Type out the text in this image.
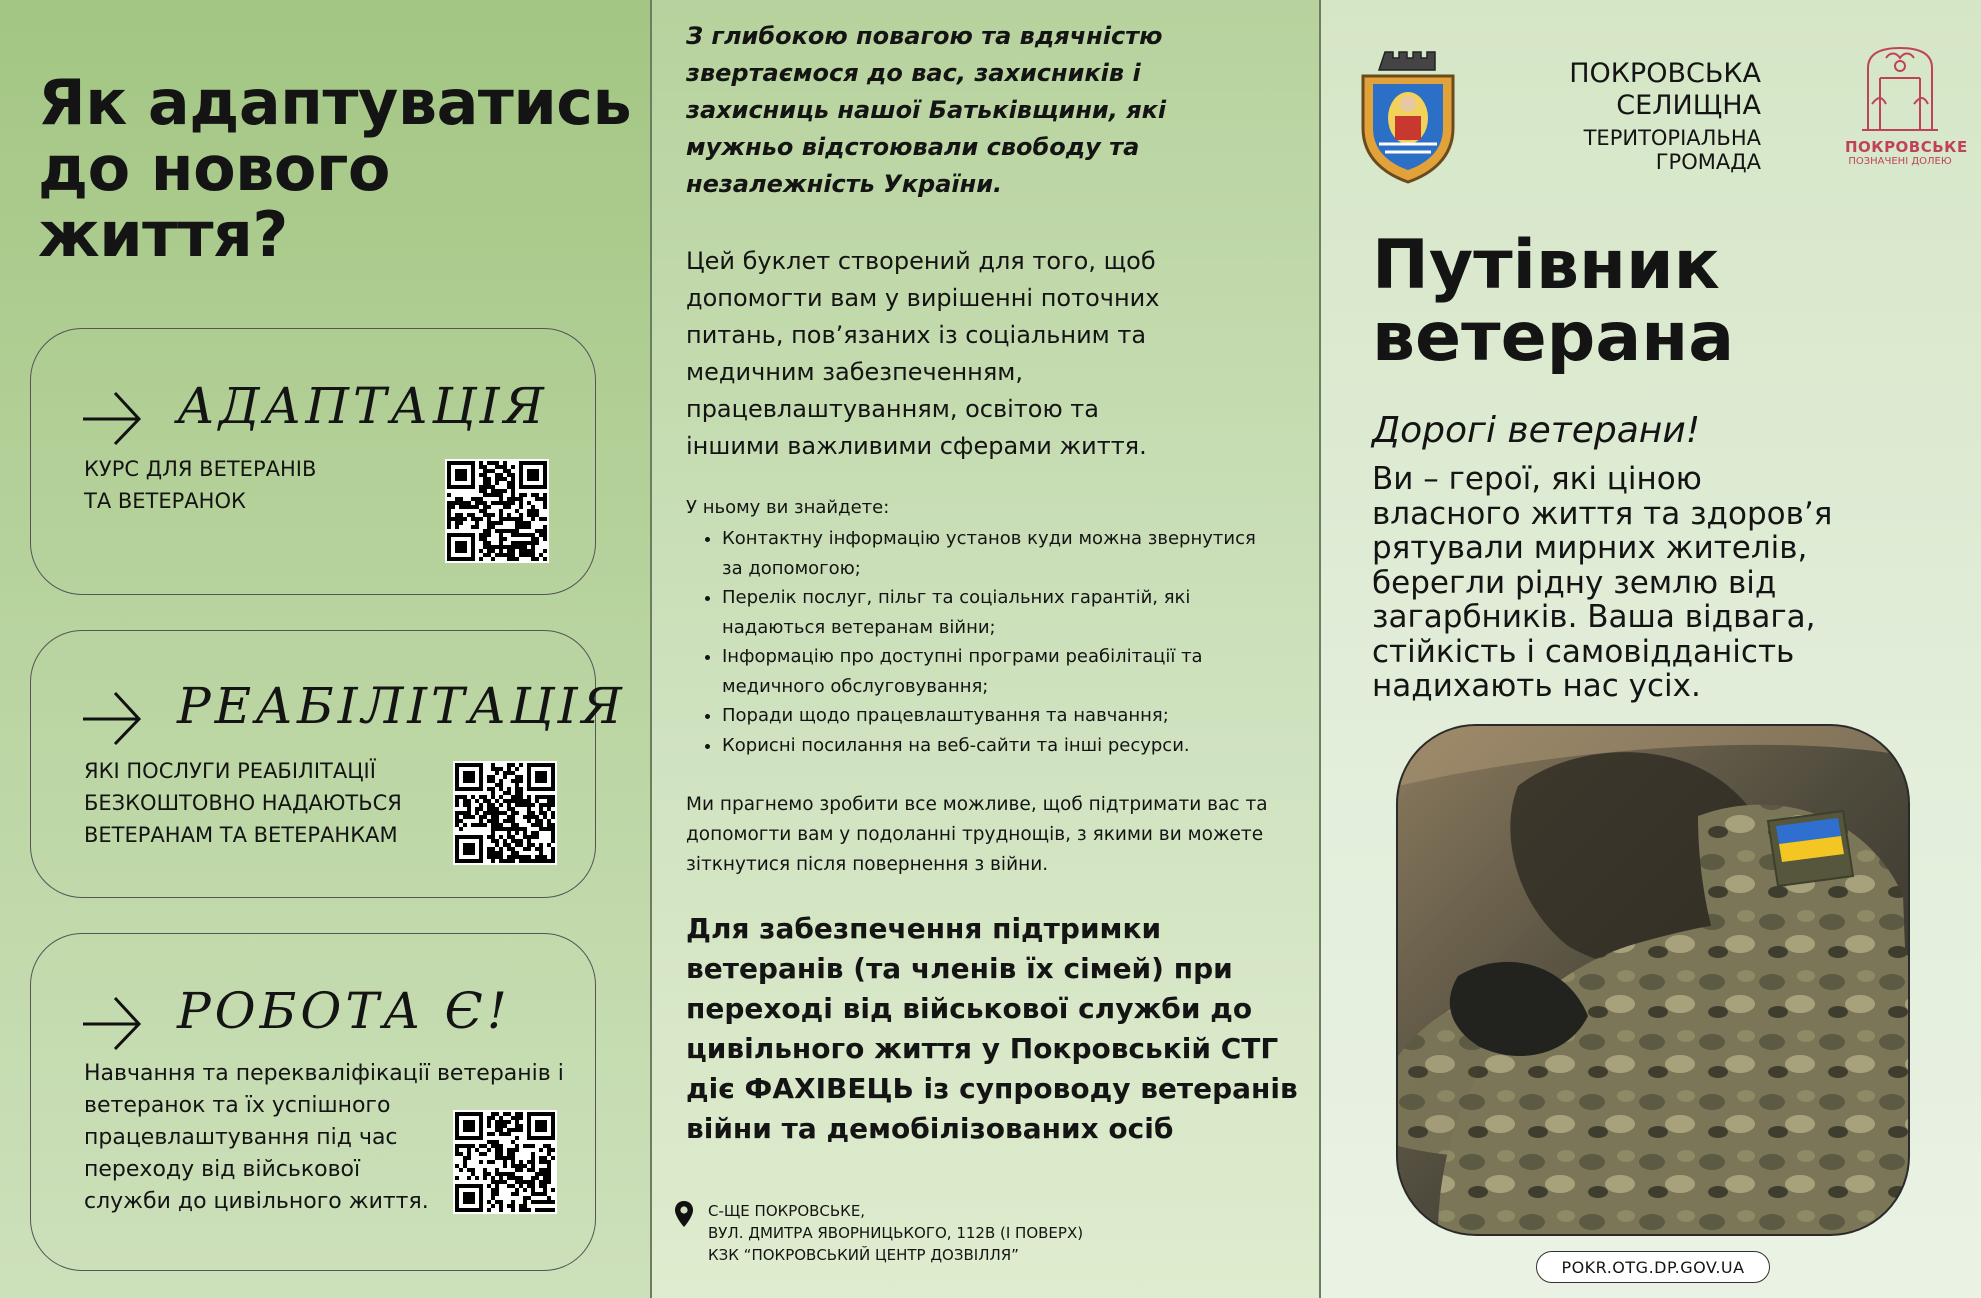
Як адаптуватись
до нового
життя?
АДАПТАЦІЯ
КУРС ДЛЯ ВЕТЕРАНІВ
ТА ВЕТЕРАНОК
РЕАБІЛІТАЦІЯ
ЯКІ ПОСЛУГИ РЕАБІЛІТАЦІЇ
БЕЗКОШТОВНО НАДАЮТЬСЯ
ВЕТЕРАНАМ ТА ВЕТЕРАНКАМ
РОБОТА Є!
Навчання та перекваліфікації ветеранів і
ветеранок та їх успішного
працевлаштування під час
переходу від військової
служби до цивільного життя.
З глибокою повагою та вдячністю
звертаємося до вас, захисників і
захисниць нашої Батьківщини, які
мужньо відстоювали свободу та
незалежність України.
Цей буклет створений для того, щоб
допомогти вам у вирішенні поточних
питань, пов’язаних із соціальним та
медичним забезпеченням,
працевлаштуванням, освітою та
іншими важливими сферами життя.
У ньому ви знайдете:
• Контактну інформацію установ куди можна звернутися
за допомогою;
• Перелік послуг, пільг та соціальних гарантій, які
надаються ветеранам війни;
• Інформацію про доступні програми реабілітації та
медичного обслуговування;
• Поради щодо працевлаштування та навчання;
• Корисні посилання на веб-сайти та інші ресурси.
Ми прагнемо зробити все можливе, щоб підтримати вас та
допомогти вам у подоланні труднощів, з якими ви можете
зіткнутися після повернення з війни.
Для забезпечення підтримки
ветеранів (та членів їх сімей) при
переході від військової служби до
цивільного життя у Покровській СТГ
діє ФАХІВЕЦЬ із супроводу ветеранів
війни та демобілізованих осіб
С-ЩЕ ПОКРОВСЬКЕ,
ВУЛ. ДМИТРА ЯВОРНИЦЬКОГО, 112В (І ПОВЕРХ)
КЗК “ПОКРОВСЬКИЙ ЦЕНТР ДОЗВІЛЛЯ”
ПОКРОВСЬКА
СЕЛИЩНА
ТЕРИТОРІАЛЬНА
ГРОМАДА
ПОКРОВСЬКЕ
ПОЗНАЧЕНІ ДОЛЕЮ
Путівник
ветерана
Дорогі ветерани!
Ви – герої, які ціною
власного життя та здоров’я
рятували мирних жителів,
берегли рідну землю від
загарбників. Ваша відвага,
стійкість і самовідданість
надихають нас усіх.
POKR.OTG.DP.GOV.UA
